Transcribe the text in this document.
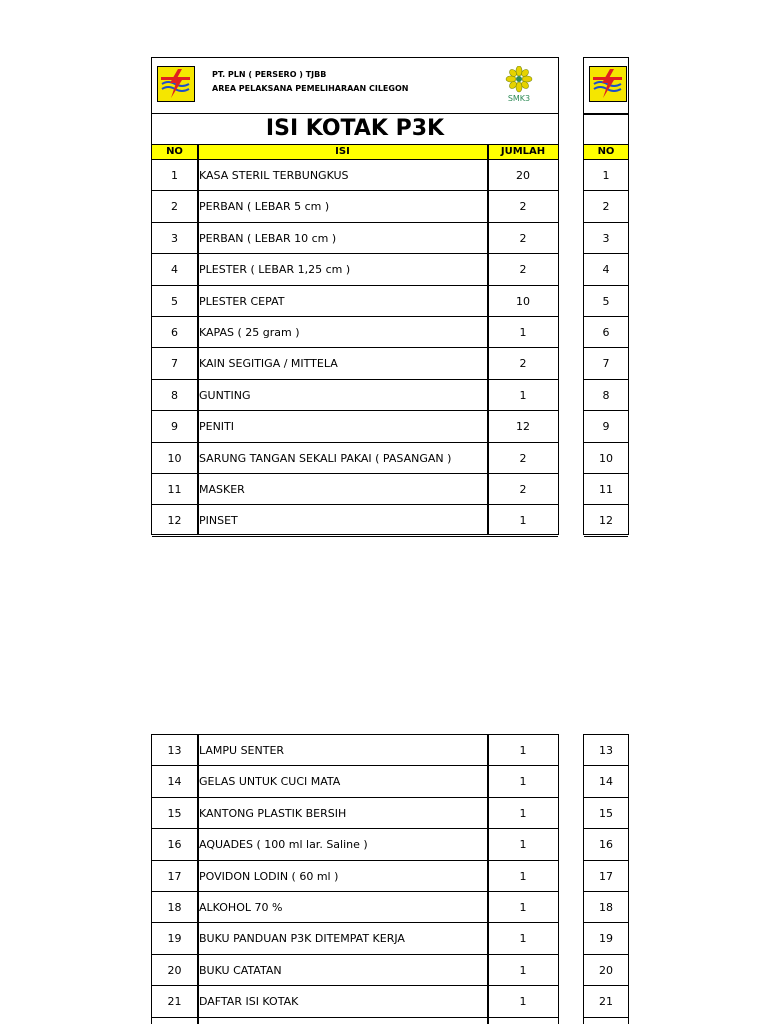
PT. PLN ( PERSERO ) TJBB
AREA PELAKSANA PEMELIHARAAN CILEGON
SMK3
ISI KOTAK P3K
NO	ISI	JUMLAH
1	KASA STERIL TERBUNGKUS	20
2	PERBAN ( LEBAR 5 cm )	2
3	PERBAN ( LEBAR 10 cm )	2
4	PLESTER ( LEBAR 1,25 cm )	2
5	PLESTER CEPAT	10
6	KAPAS ( 25 gram )	1
7	KAIN SEGITIGA / MITTELA	2
8	GUNTING	1
9	PENITI	12
10	SARUNG TANGAN SEKALI PAKAI ( PASANGAN )	2
11	MASKER	2
12	PINSET	1
13	LAMPU SENTER	1
14	GELAS UNTUK CUCI MATA	1
15	KANTONG PLASTIK BERSIH	1
16	AQUADES ( 100 ml lar. Saline )	1
17	POVIDON LODIN ( 60 ml )	1
18	ALKOHOL 70 %	1
19	BUKU PANDUAN P3K DITEMPAT KERJA	1
20	BUKU CATATAN	1
21	DAFTAR ISI KOTAK	1
NO
1
2
3
4
5
6
7
8
9
10
11
12
13
14
15
16
17
18
19
20
21
